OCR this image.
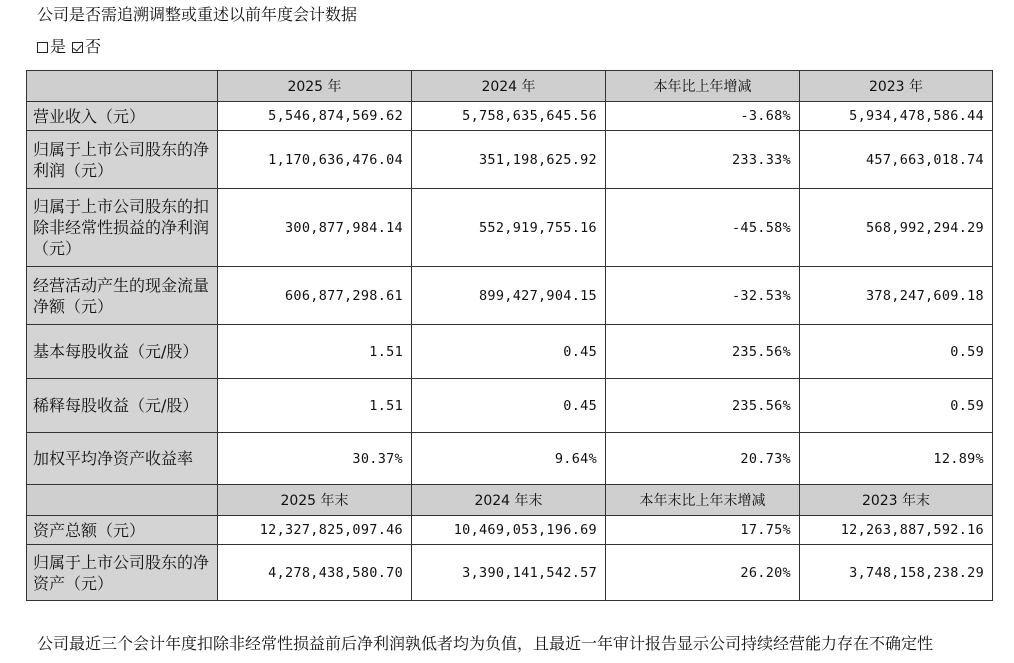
公司是否需追溯调整或重述以前年度会计数据
是 否
	2025 年	2024 年	本年比上年增减	2023 年
营业收入（元）	5,546,874,569.62	5,758,635,645.56	-3.68%	5,934,478,586.44
归属于上市公司股东的净利润（元）	1,170,636,476.04	351,198,625.92	233.33%	457,663,018.74
归属于上市公司股东的扣除非经常性损益的净利润（元）	300,877,984.14	552,919,755.16	-45.58%	568,992,294.29
经营活动产生的现金流量净额（元）	606,877,298.61	899,427,904.15	-32.53%	378,247,609.18
基本每股收益（元/股）	1.51	0.45	235.56%	0.59
稀释每股收益（元/股）	1.51	0.45	235.56%	0.59
加权平均净资产收益率	30.37%	9.64%	20.73%	12.89%
	2025 年末	2024 年末	本年末比上年末增减	2023 年末
资产总额（元）	12,327,825,097.46	10,469,053,196.69	17.75%	12,263,887,592.16
归属于上市公司股东的净资产（元）	4,278,438,580.70	3,390,141,542.57	26.20%	3,748,158,238.29
公司最近三个会计年度扣除非经常性损益前后净利润孰低者均为负值，且最近一年审计报告显示公司持续经营能力存在不确定性
